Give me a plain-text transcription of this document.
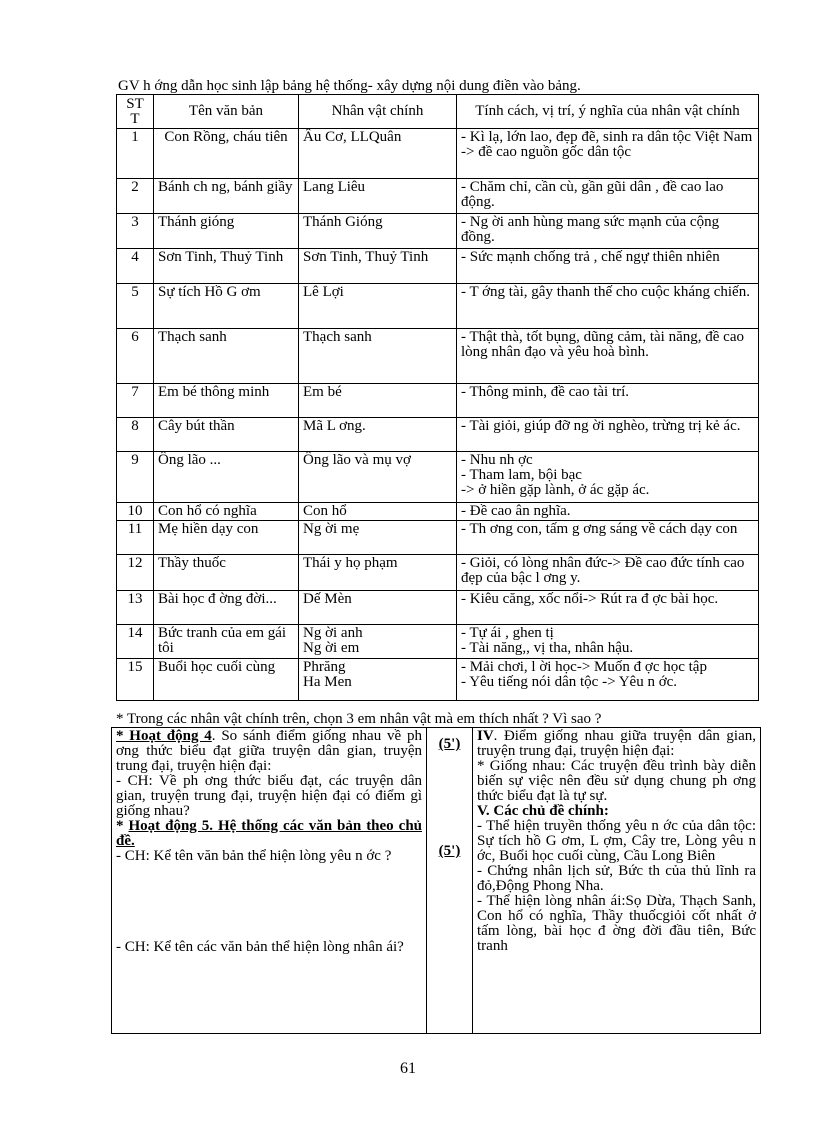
GV h ớng dẫn học sinh lập bảng hệ thống- xây dựng nội dung điền vào bảng.
ST T	Tên văn bản	Nhân vật chính	Tính cách, vị trí, ý nghĩa của nhân vật chính
1	Con Rồng, cháu tiên	Âu Cơ, LLQuân	- Kì lạ, lớn lao, đẹp đẽ, sinh ra dân tộc Việt Nam -> đề cao nguồn gốc dân tộc
2	Bánh ch ng, bánh giầy	Lang Liêu	- Chăm chỉ, cần cù, gần gũi dân , đề cao lao động.
3	Thánh gióng	Thánh Gióng	- Ng ời anh hùng mang sức mạnh của cộng đồng.
4	Sơn Tinh, Thuỷ Tinh	Sơn Tinh, Thuỷ Tinh	- Sức mạnh chống trả , chế ngự thiên nhiên
5	Sự tích Hồ G ơm	Lê Lợi	- T ớng tài, gây thanh thế cho cuộc kháng chiến.
6	Thạch sanh	Thạch sanh	- Thật thà, tốt bụng, dũng cảm, tài năng, đề cao lòng nhân đạo và yêu hoà bình.
7	Em bé thông minh	Em bé	- Thông minh, đề cao tài trí.
8	Cây bút thần	Mã L ơng.	- Tài giỏi, giúp đỡ ng ời nghèo, trừng trị kẻ ác.
9	Ông lão ...	Ông lão và mụ vợ	- Nhu nh ợc
- Tham lam, bội bạc
-> ở hiền gặp lành, ở ác gặp ác.
10	Con hổ có nghĩa	Con hổ	- Đề cao ân nghĩa.
11	Mẹ hiền dạy con	Ng ời mẹ	- Th ơng con, tấm g ơng sáng về cách dạy con
12	Thầy thuốc	Thái y họ phạm	- Giỏi, có lòng nhân đức-> Đề cao đức tính cao đẹp của bậc l ơng y.
13	Bài học đ ờng đời...	Dế Mèn	- Kiêu căng, xốc nổi-> Rút ra đ ợc bài học.
14	Bức tranh của em gái tôi	Ng ời anh
Ng ời em	- Tự ái , ghen tị
- Tài năng,, vị tha, nhân hậu.
15	Buổi học cuối cùng	Phrăng
Ha Men	- Mải chơi, l ời học-> Muốn đ ợc học tập
- Yêu tiếng nói dân tộc -> Yêu n ớc.
* Trong các nhân vật chính trên, chọn 3 em nhân vật mà em thích nhất ? Vì sao ?

* Hoạt động 4. So sánh điểm giống nhau về ph ơng thức biểu đạt giữa truyện dân gian, truyện trung đại, truyện hiện đại:

- CH: Về ph ơng thức biểu đạt, các truyện dân gian, truyện trung đại, truyện hiện đại có điểm gì giống nhau?

* Hoạt động 5. Hệ thống các văn bản theo chủ đề.

- CH: Kể tên văn bản thể hiện lòng yêu n ớc ?

- CH: Kể tên các văn bản thể hiện lòng nhân ái?

(5')
(5')

IV. Điểm giống nhau giữa truyện dân gian, truyện trung đại, truyện hiện đại:

* Giống nhau: Các truyện đều trình bày diễn biến sự việc nên đều sử dụng chung ph ơng thức biểu đạt là tự sự.

V. Các chủ đề chính:

- Thể hiện truyền thống yêu n ớc của dân tộc: Sự tích hồ G ơm, L ợm, Cây tre, Lòng yêu n ớc, Buổi học cuối cùng, Cầu Long Biên

- Chứng nhân lịch sử, Bức th của thủ lĩnh ra đỏ,Động Phong Nha.

- Thể hiện lòng nhân ái:Sọ Dừa, Thạch Sanh, Con hổ có nghĩa, Thầy thuốcgiỏi cốt nhất ở tấm lòng, bài học đ ờng đời đầu tiên, Bức tranh

61
